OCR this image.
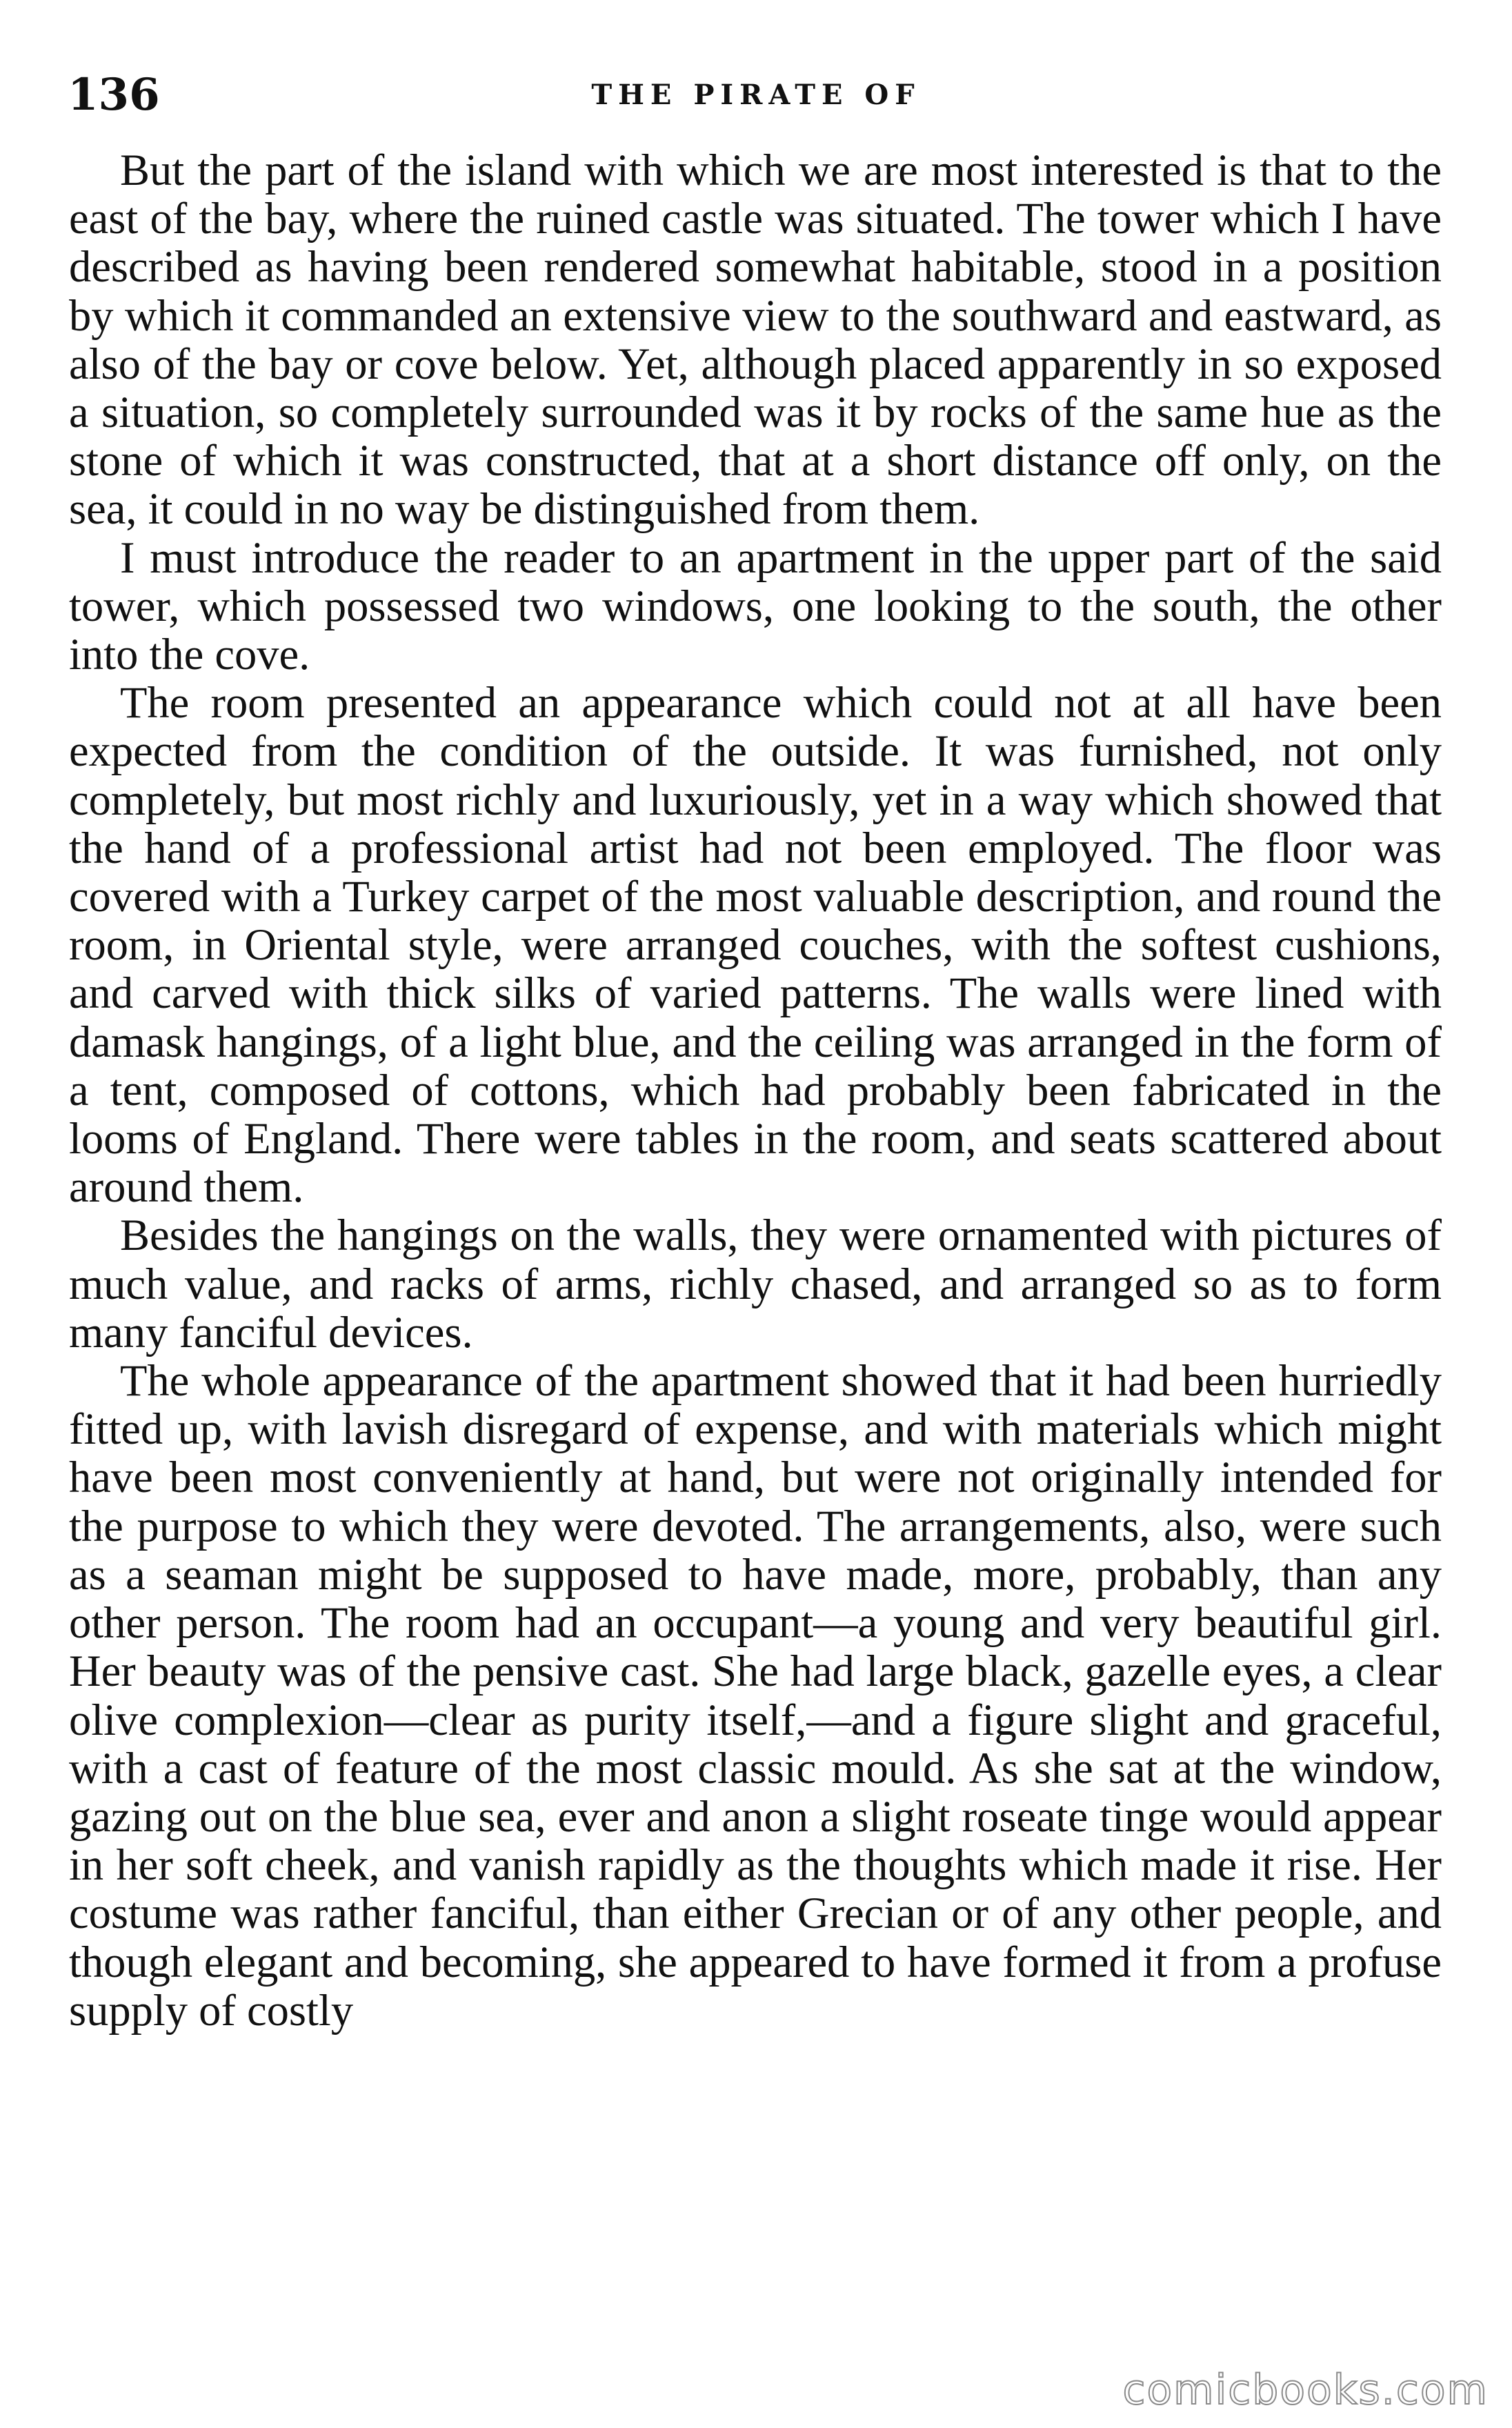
136	THE PIRATE OF

But the part of the island with which we are most interested is that to the east of the bay, where the ruined castle was situated. The tower which I have described as having been rendered somewhat habitable, stood in a position by which it commanded an extensive view to the southward and eastward, as also of the bay or cove below. Yet, although placed apparently in so exposed a situation, so completely surrounded was it by rocks of the same hue as the stone of which it was constructed, that at a short distance off only, on the sea, it could in no way be distinguished from them.

I must introduce the reader to an apartment in the upper part of the said tower, which possessed two windows, one looking to the south, the other into the cove.

The room presented an appearance which could not at all have been expected from the condition of the outside. It was furnished, not only completely, but most richly and luxuriously, yet in a way which showed that the hand of a professional artist had not been employed. The floor was covered with a Turkey carpet of the most valuable description, and round the room, in Oriental style, were arranged couches, with the softest cushions, and carved with thick silks of varied patterns. The walls were lined with damask hangings, of a light blue, and the ceiling was arranged in the form of a tent, composed of cottons, which had probably been fabricated in the looms of England. There were tables in the room, and seats scattered about around them.

Besides the hangings on the walls, they were ornamented with pictures of much value, and racks of arms, richly chased, and arranged so as to form many fanciful devices.

The whole appearance of the apartment showed that it had been hurriedly fitted up, with lavish disregard of expense, and with materials which might have been most conveniently at hand, but were not originally intended for the purpose to which they were devoted. The arrangements, also, were such as a seaman might be supposed to have made, more, probably, than any other person. The room had an occupant—a young and very beautiful girl. Her beauty was of the pensive cast. She had large black, gazelle eyes, a clear olive complexion—clear as purity itself,—and a figure slight and graceful, with a cast of feature of the most classic mould. As she sat at the window, gazing out on the blue sea, ever and anon a slight roseate tinge would appear in her soft cheek, and vanish rapidly as the thoughts which made it rise. Her costume was rather fanciful, than either Grecian or of any other people, and though elegant and becoming, she appeared to have formed it from a profuse supply of costly

comicbooks.com
